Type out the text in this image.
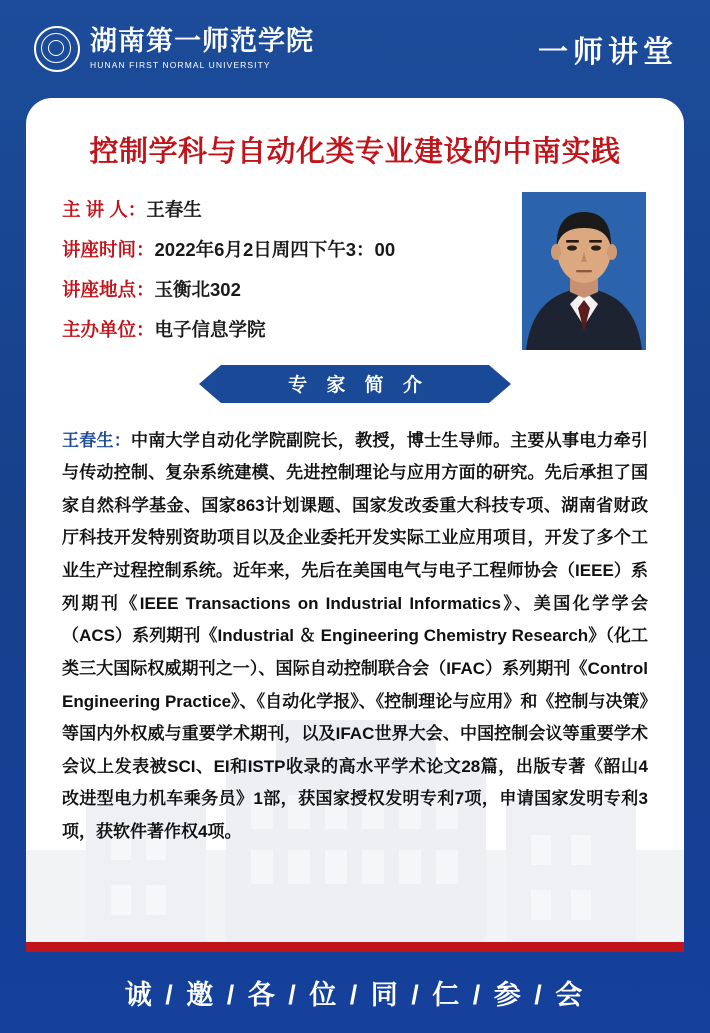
湖南第一师范学院
HUNAN FIRST NORMAL UNIVERSITY	一师讲堂
控制学科与自动化类专业建设的中南实践
主 讲 人： 王春生
讲座时间： 2022年6月2日周四下午3：00
讲座地点： 玉衡北302
主办单位： 电子信息学院
专 家 简 介
王春生：中南大学自动化学院副院长，教授，博士生导师。主要从事电力牵引与传动控制、复杂系统建模、先进控制理论与应用方面的研究。先后承担了国家自然科学基金、国家863计划课题、国家发改委重大科技专项、湖南省财政厅科技开发特别资助项目以及企业委托开发实际工业应用项目，开发了多个工业生产过程控制系统。近年来，先后在美国电气与电子工程师协会（IEEE）系列期刊《IEEE Transactions on Industrial Informatics》、美国化学学会（ACS）系列期刊《Industrial ＆ Engineering Chemistry Research》（化工类三大国际权威期刊之一）、国际自动控制联合会（IFAC）系列期刊《Control Engineering Practice》、《自动化学报》、《控制理论与应用》和《控制与决策》等国内外权威与重要学术期刊，以及IFAC世界大会、中国控制会议等重要学术会议上发表被SCI、EI和ISTP收录的高水平学术论文28篇，出版专著《韶山4改进型电力机车乘务员》1部，获国家授权发明专利7项，申请国家发明专利3项，获软件著作权4项。
诚 / 邀 / 各 / 位 / 同 / 仁 / 参 / 会
